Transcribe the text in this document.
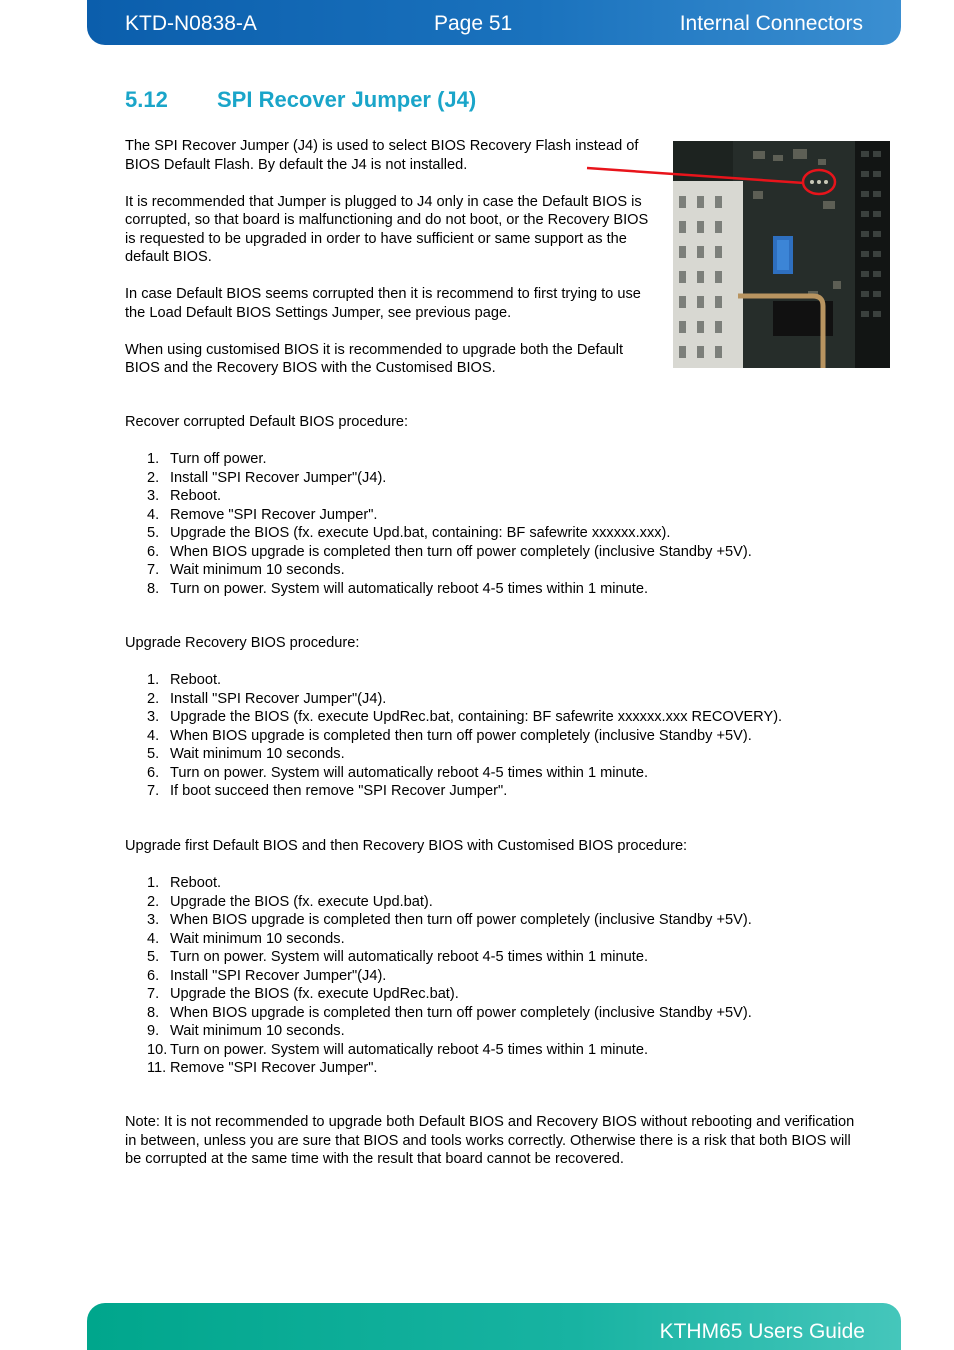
KTD-N0838-A	Page 51	Internal Connectors
5.12 SPI Recover Jumper (J4)

The SPI Recover Jumper (J4) is used to select BIOS Recovery Flash instead of BIOS Default Flash. By default the J4 is not installed.

It is recommended that Jumper is plugged to J4 only in case the Default BIOS is corrupted, so that board is malfunctioning and do not boot, or the Recovery BIOS is requested to be upgraded in order to have sufficient or same support as the default BIOS.

In case Default BIOS seems corrupted then it is recommend to first trying to use the Load Default BIOS Settings Jumper, see previous page.

When using customised BIOS it is recommended to upgrade both the Default BIOS and the Recovery BIOS with the Customised BIOS.

Recover corrupted Default BIOS procedure:

1. Turn off power.
2. Install "SPI Recover Jumper"(J4).
3. Reboot.
4. Remove "SPI Recover Jumper".
5. Upgrade the BIOS (fx. execute Upd.bat, containing: BF safewrite xxxxxx.xxx).
6. When BIOS upgrade is completed then turn off power completely (inclusive Standby +5V).
7. Wait minimum 10 seconds.
8. Turn on power. System will automatically reboot 4-5 times within 1 minute.

Upgrade Recovery BIOS procedure:

1. Reboot.
2. Install "SPI Recover Jumper"(J4).
3. Upgrade the BIOS (fx. execute UpdRec.bat, containing: BF safewrite xxxxxx.xxx RECOVERY).
4. When BIOS upgrade is completed then turn off power completely (inclusive Standby +5V).
5. Wait minimum 10 seconds.
6. Turn on power. System will automatically reboot 4-5 times within 1 minute.
7. If boot succeed then remove "SPI Recover Jumper".

Upgrade first Default BIOS and then Recovery BIOS with Customised BIOS procedure:

1. Reboot.
2. Upgrade the BIOS (fx. execute Upd.bat).
3. When BIOS upgrade is completed then turn off power completely (inclusive Standby +5V).
4. Wait minimum 10 seconds.
5. Turn on power. System will automatically reboot 4-5 times within 1 minute.
6. Install "SPI Recover Jumper"(J4).
7. Upgrade the BIOS (fx. execute UpdRec.bat).
8. When BIOS upgrade is completed then turn off power completely (inclusive Standby +5V).
9. Wait minimum 10 seconds.
10. Turn on power. System will automatically reboot 4-5 times within 1 minute.
11. Remove "SPI Recover Jumper".

Note: It is not recommended to upgrade both Default BIOS and Recovery BIOS without rebooting and verification in between, unless you are sure that BIOS and tools works correctly. Otherwise there is a risk that both BIOS will be corrupted at the same time with the result that board cannot be recovered.

KTHM65 Users Guide
